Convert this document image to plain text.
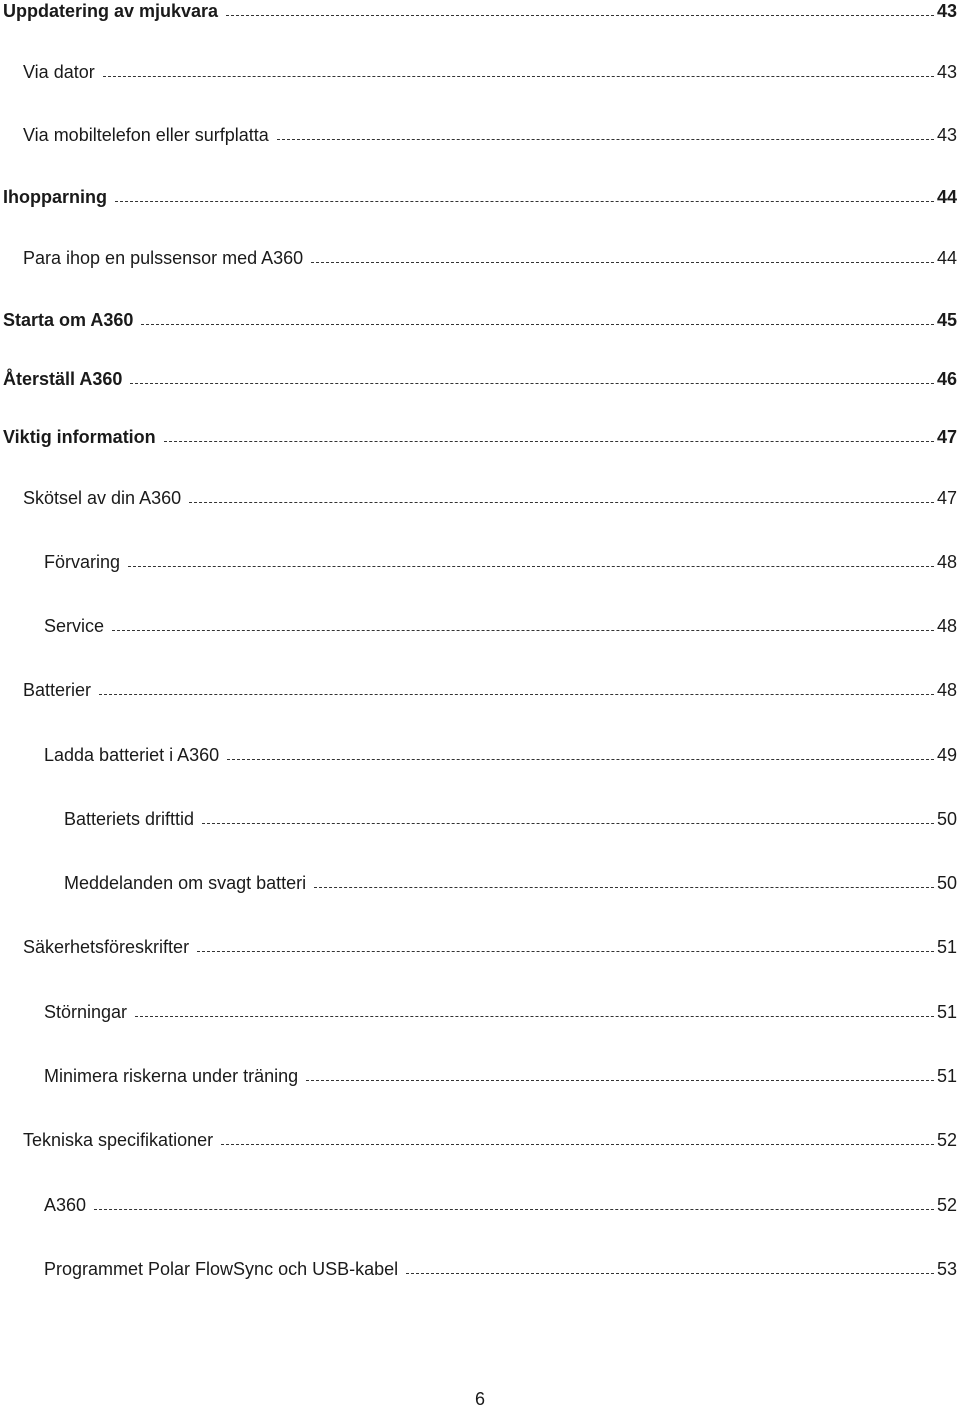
Uppdatering av mjukvara	43
Via dator	43
Via mobiltelefon eller surfplatta	43
Ihopparning	44
Para ihop en pulssensor med A360	44
Starta om A360	45
Återställ A360	46
Viktig information	47
Skötsel av din A360	47
Förvaring	48
Service	48
Batterier	48
Ladda batteriet i A360	49
Batteriets drifttid	50
Meddelanden om svagt batteri	50
Säkerhetsföreskrifter	51
Störningar	51
Minimera riskerna under träning	51
Tekniska specifikationer	52
A360	52
Programmet Polar FlowSync och USB-kabel	53
6
